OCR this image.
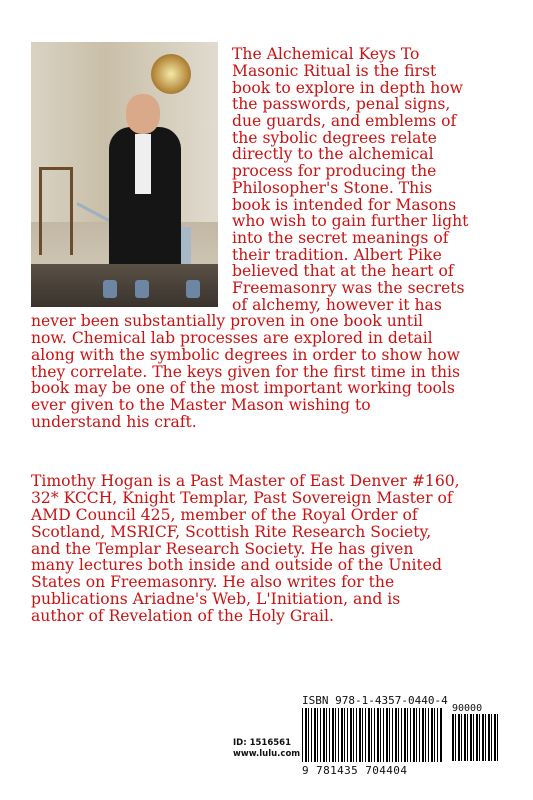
The Alchemical Keys To

Masonic Ritual is the first

book to explore in depth how

the passwords, penal signs,

due guards, and emblems of

the sybolic degrees relate

directly to the alchemical

process for producing the

Philosopher's Stone. This

book is intended for Masons

who wish to gain further light

into the secret meanings of

their tradition. Albert Pike

believed that at the heart of

Freemasonry was the secrets

of alchemy, however it has

never been substantially proven in one book until

now. Chemical lab processes are explored in detail

along with the symbolic degrees in order to show how

they correlate. The keys given for the first time in this

book may be one of the most important working tools

ever given to the Master Mason wishing to

understand his craft.

Timothy Hogan is a Past Master of East Denver #160,

32* KCCH, Knight Templar, Past Sovereign Master of

AMD Council 425, member of the Royal Order of

Scotland, MSRICF, Scottish Rite Research Society,

and the Templar Research Society. He has given

many lectures both inside and outside of the United

States on Freemasonry. He also writes for the

publications Ariadne's Web, L'Initiation, and is

author of Revelation of the Holy Grail.

ISBN 978-1-4357-0440-4
90000
9 781435 704404
ID: 1516561
www.lulu.com
